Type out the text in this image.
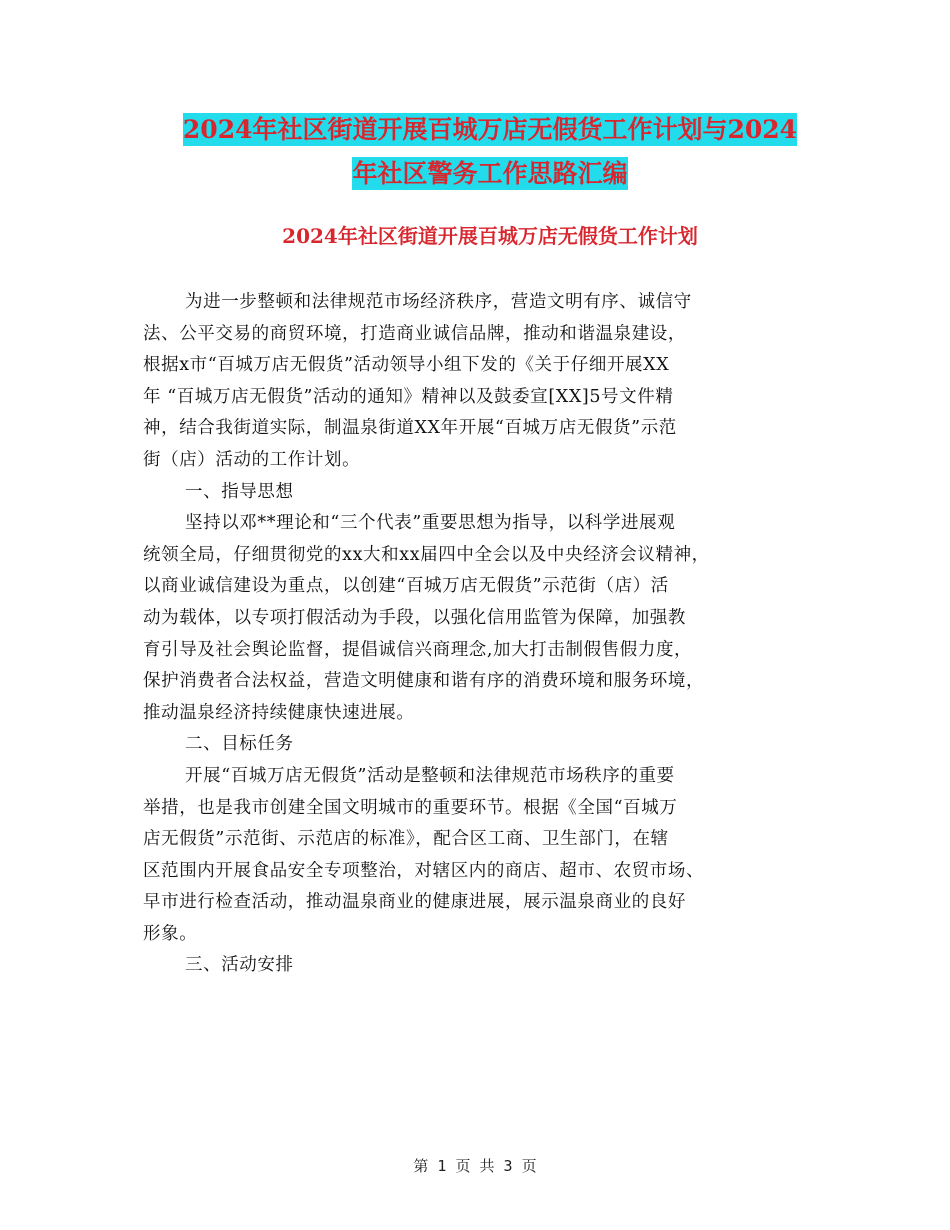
2024年社区街道开展百城万店无假货工作计划与2024
年社区警务工作思路汇编
2024年社区街道开展百城万店无假货工作计划
为进一步整顿和法律规范市场经济秩序，营造文明有序、诚信守
法、公平交易的商贸环境，打造商业诚信品牌，推动和谐温泉建设，
根据x市“百城万店无假货”活动领导小组下发的《关于仔细开展XX
年 “百城万店无假货”活动的通知》精神以及鼓委宣[XX]5号文件精
神，结合我街道实际，制温泉街道XX年开展“百城万店无假货”示范
街（店）活动的工作计划。
一、指导思想
坚持以邓**理论和“三个代表”重要思想为指导，以科学进展观
统领全局，仔细贯彻党的xx大和xx届四中全会以及中央经济会议精神，
以商业诚信建设为重点，以创建“百城万店无假货”示范街（店）活
动为载体，以专项打假活动为手段，以强化信用监管为保障，加强教
育引导及社会舆论监督，提倡诚信兴商理念,加大打击制假售假力度，
保护消费者合法权益，营造文明健康和谐有序的消费环境和服务环境，
推动温泉经济持续健康快速进展。
二、目标任务
开展“百城万店无假货”活动是整顿和法律规范市场秩序的重要
举措，也是我市创建全国文明城市的重要环节。根据《全国“百城万
店无假货”示范街、示范店的标准》，配合区工商、卫生部门，在辖
区范围内开展食品安全专项整治，对辖区内的商店、超市、农贸市场、
早市进行检查活动，推动温泉商业的健康进展，展示温泉商业的良好
形象。
三、活动安排
第 1 页 共 3 页
